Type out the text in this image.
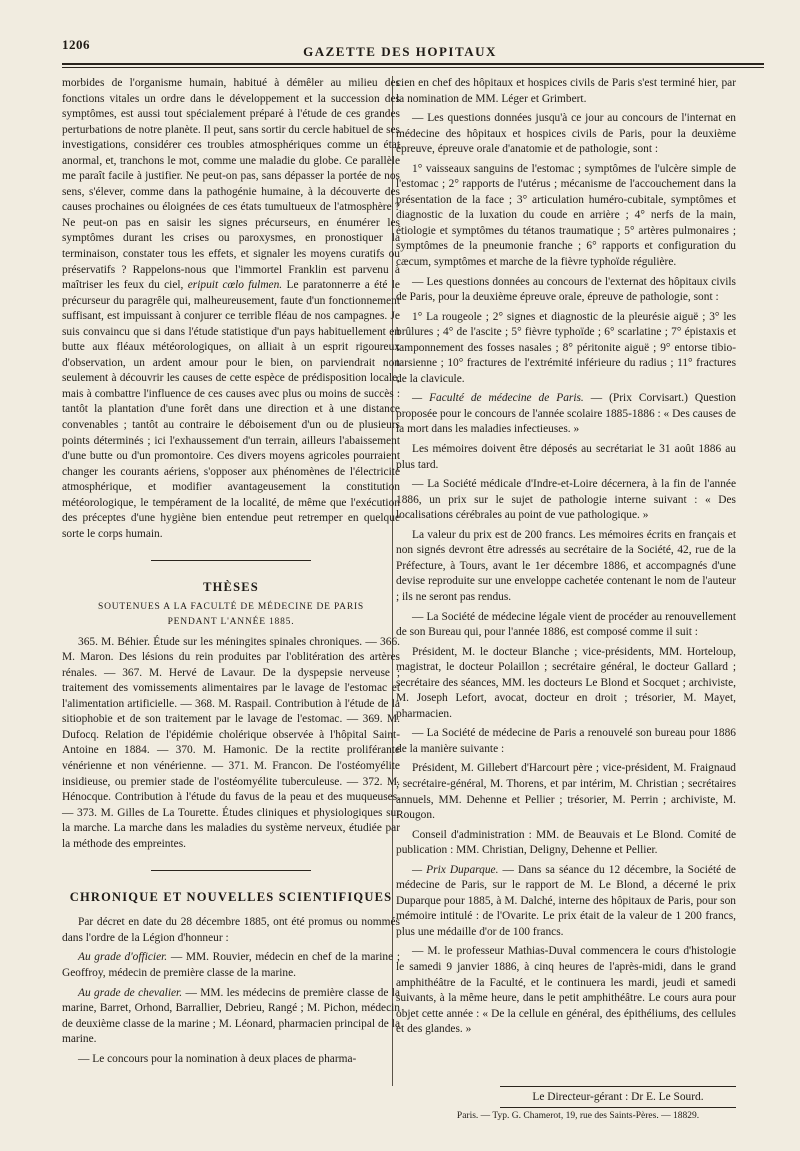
1206	GAZETTE DES HOPITAUX

morbides de l'organisme humain, habitué à démêler au milieu des fonctions vitales un ordre dans le développement et la succession des symptômes, est aussi tout spécialement préparé à l'étude de ces grandes perturbations de notre planète. Il peut, sans sortir du cercle habituel de ses investigations, considérer ces troubles atmosphériques comme un état anormal, et, tranchons le mot, comme une maladie du globe. Ce parallèle me paraît facile à justifier. Ne peut-on pas, sans dépasser la portée de nos sens, s'élever, comme dans la pathogénie humaine, à la découverte des causes prochaines ou éloignées de ces états tumultueux de l'atmosphère ? Ne peut-on pas en saisir les signes précurseurs, en énumérer les symptômes durant les crises ou paroxysmes, en pronostiquer la terminaison, constater tous les effets, et signaler les moyens curatifs ou préservatifs ? Rappelons-nous que l'immortel Franklin est parvenu à maîtriser les feux du ciel, eripuit cœlo fulmen. Le paratonnerre a été le précurseur du paragrêle qui, malheureusement, faute d'un fonctionnement suffisant, est impuissant à conjurer ce terrible fléau de nos campagnes. Je suis convaincu que si dans l'étude statistique d'un pays habituellement en butte aux fléaux météorologiques, on alliait à un esprit rigoureux d'observation, un ardent amour pour le bien, on parviendrait non seulement à découvrir les causes de cette espèce de prédisposition locale, mais à combattre l'influence de ces causes avec plus ou moins de succès : tantôt la plantation d'une forêt dans une direction et à une distance convenables ; tantôt au contraire le déboisement d'un ou de plusieurs points déterminés ; ici l'exhaussement d'un terrain, ailleurs l'abaissement d'une butte ou d'un promontoire. Ces divers moyens agricoles pourraient changer les courants aériens, s'opposer aux phénomènes de l'électricité atmosphérique, et modifier avantageusement la constitution météorologique, le tempérament de la localité, de même que l'exécution des préceptes d'une hygiène bien entendue peut retremper en quelque sorte le corps humain.

THÈSES
SOUTENUES A LA FACULTÉ DE MÉDECINE DE PARIS
PENDANT L'ANNÉE 1885.

365. M. Béhier. Étude sur les méningites spinales chroniques. — 366. M. Maron. Des lésions du rein produites par l'oblitération des artères rénales. — 367. M. Hervé de Lavaur. De la dyspepsie nerveuse ; traitement des vomissements alimentaires par le lavage de l'estomac et l'alimentation artificielle. — 368. M. Raspail. Contribution à l'étude de la sitiophobie et de son traitement par le lavage de l'estomac. — 369. M. Dufocq. Relation de l'épidémie cholérique observée à l'hôpital Saint-Antoine en 1884. — 370. M. Hamonic. De la rectite proliférante vénérienne et non vénérienne. — 371. M. Francon. De l'ostéomyélite insidieuse, ou premier stade de l'ostéomyélite tuberculeuse. — 372. M. Hénocque. Contribution à l'étude du favus de la peau et des muqueuses. — 373. M. Gilles de La Tourette. Études cliniques et physiologiques sur la marche. La marche dans les maladies du système nerveux, étudiée par la méthode des empreintes.

CHRONIQUE ET NOUVELLES SCIENTIFIQUES

Par décret en date du 28 décembre 1885, ont été promus ou nommés dans l'ordre de la Légion d'honneur :

Au grade d'officier. — MM. Rouvier, médecin en chef de la marine ; Geoffroy, médecin de première classe de la marine.

Au grade de chevalier. — MM. les médecins de première classe de la marine, Barret, Orhond, Barrallier, Debrieu, Rangé ; M. Pichon, médecin de deuxième classe de la marine ; M. Léonard, pharmacien principal de la marine.

— Le concours pour la nomination à deux places de pharma-

cien en chef des hôpitaux et hospices civils de Paris s'est terminé hier, par la nomination de MM. Léger et Grimbert.

— Les questions données jusqu'à ce jour au concours de l'internat en médecine des hôpitaux et hospices civils de Paris, pour la deuxième épreuve, épreuve orale d'anatomie et de pathologie, sont :

1° vaisseaux sanguins de l'estomac ; symptômes de l'ulcère simple de l'estomac ; 2° rapports de l'utérus ; mécanisme de l'accouchement dans la présentation de la face ; 3° articulation huméro-cubitale, symptômes et diagnostic de la luxation du coude en arrière ; 4° nerfs de la main, étiologie et symptômes du tétanos traumatique ; 5° artères pulmonaires ; symptômes de la pneumonie franche ; 6° rapports et configuration du cæcum, symptômes et marche de la fièvre typhoïde régulière.

— Les questions données au concours de l'externat des hôpitaux civils de Paris, pour la deuxième épreuve orale, épreuve de pathologie, sont :

1° La rougeole ; 2° signes et diagnostic de la pleurésie aiguë ; 3° les brûlures ; 4° de l'ascite ; 5° fièvre typhoïde ; 6° scarlatine ; 7° épistaxis et tamponnement des fosses nasales ; 8° péritonite aiguë ; 9° entorse tibio-tarsienne ; 10° fractures de l'extrémité inférieure du radius ; 11° fractures de la clavicule.

— Faculté de médecine de Paris. — (Prix Corvisart.) Question proposée pour le concours de l'année scolaire 1885-1886 : « Des causes de la mort dans les maladies infectieuses. »

Les mémoires doivent être déposés au secrétariat le 31 août 1886 au plus tard.

— La Société médicale d'Indre-et-Loire décernera, à la fin de l'année 1886, un prix sur le sujet de pathologie interne suivant : « Des localisations cérébrales au point de vue pathologique. »

La valeur du prix est de 200 francs. Les mémoires écrits en français et non signés devront être adressés au secrétaire de la Société, 42, rue de la Préfecture, à Tours, avant le 1er décembre 1886, et accompagnés d'une devise reproduite sur une enveloppe cachetée contenant le nom de l'auteur ; ils ne seront pas rendus.

— La Société de médecine légale vient de procéder au renouvellement de son Bureau qui, pour l'année 1886, est composé comme il suit :

Président, M. le docteur Blanche ; vice-présidents, MM. Horteloup, magistrat, le docteur Polaillon ; secrétaire général, le docteur Gallard ; secrétaire des séances, MM. les docteurs Le Blond et Socquet ; archiviste, M. Joseph Lefort, avocat, docteur en droit ; trésorier, M. Mayet, pharmacien.

— La Société de médecine de Paris a renouvelé son bureau pour 1886 de la manière suivante :

Président, M. Gillebert d'Harcourt père ; vice-président, M. Fraignaud ; secrétaire-général, M. Thorens, et par intérim, M. Christian ; secrétaires annuels, MM. Dehenne et Pellier ; trésorier, M. Perrin ; archiviste, M. Rougon.

Conseil d'administration : MM. de Beauvais et Le Blond. Comité de publication : MM. Christian, Deligny, Dehenne et Pellier.

— Prix Duparque. — Dans sa séance du 12 décembre, la Société de médecine de Paris, sur le rapport de M. Le Blond, a décerné le prix Duparque pour 1885, à M. Dalché, interne des hôpitaux de Paris, pour son mémoire intitulé : de l'Ovarite. Le prix était de la valeur de 1 200 francs, plus une médaille d'or de 100 francs.

— M. le professeur Mathias-Duval commencera le cours d'histologie le samedi 9 janvier 1886, à cinq heures de l'après-midi, dans le grand amphithéâtre de la Faculté, et le continuera les mardi, jeudi et samedi suivants, à la même heure, dans le petit amphithéâtre. Le cours aura pour objet cette année : « De la cellule en général, des épithéliums, des cellules et des glandes. »

Le Directeur-gérant : Dr E. Le Sourd.
Paris. — Typ. G. Chamerot, 19, rue des Saints-Pères. — 18829.
